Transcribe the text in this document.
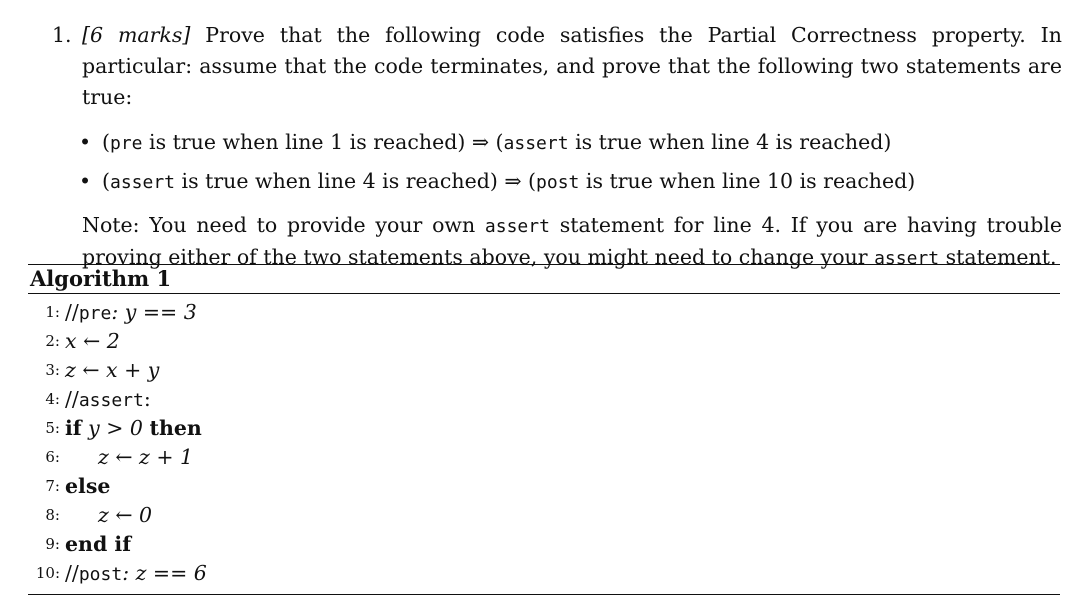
1. [6 marks] Prove that the following code satisfies the Partial Correctness property. In particular: assume that the code terminates, and prove that the following two statements are true:
• (pre is true when line 1 is reached) ⇒ (assert is true when line 4 is reached)
• (assert is true when line 4 is reached) ⇒ (post is true when line 10 is reached)
Note: You need to provide your own assert statement for line 4. If you are having trouble proving either of the two statements above, you might need to change your assert statement.
Algorithm 1
1: //pre: y == 3
2: x ← 2
3: z ← x + y
4: //assert:
5: if y > 0 then
6: z ← z + 1
7: else
8: z ← 0
9: end if
10: //post: z == 6
